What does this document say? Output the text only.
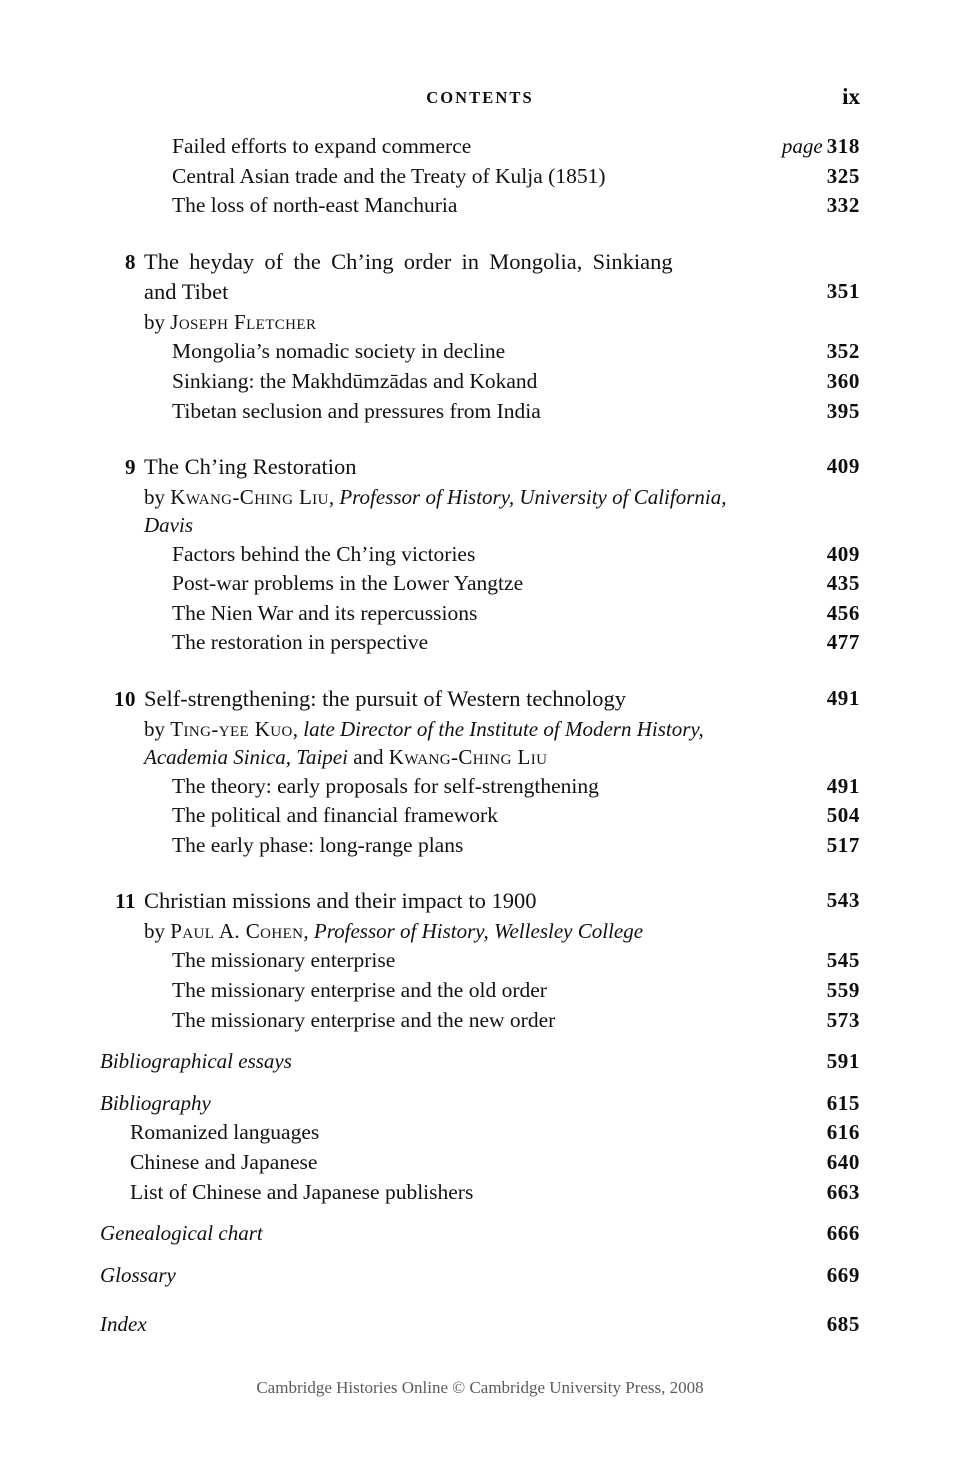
CONTENTS	ix
Failed efforts to expand commerce	page 318
Central Asian trade and the Treaty of Kulja (1851)	325
The loss of north-east Manchuria	332
8 The heyday of the Ch’ing order in Mongolia, Sinkiang
and Tibet	351
by Joseph Fletcher
Mongolia’s nomadic society in decline	352
Sinkiang: the Makhdūmzādas and Kokand	360
Tibetan seclusion and pressures from India	395
9 The Ch’ing Restoration	409
by Kwang-Ching Liu, Professor of History, University of California, Davis
Factors behind the Ch’ing victories	409
Post-war problems in the Lower Yangtze	435
The Nien War and its repercussions	456
The restoration in perspective	477
10 Self-strengthening: the pursuit of Western technology	491
by Ting-yee Kuo, late Director of the Institute of Modern History, Academia Sinica, Taipei and Kwang-Ching Liu
The theory: early proposals for self-strengthening	491
The political and financial framework	504
The early phase: long-range plans	517
11 Christian missions and their impact to 1900	543
by Paul A. Cohen, Professor of History, Wellesley College
The missionary enterprise	545
The missionary enterprise and the old order	559
The missionary enterprise and the new order	573
Bibliographical essays	591
Bibliography	615
Romanized languages	616
Chinese and Japanese	640
List of Chinese and Japanese publishers	663
Genealogical chart	666
Glossary	669
Index	685
Cambridge Histories Online © Cambridge University Press, 2008
